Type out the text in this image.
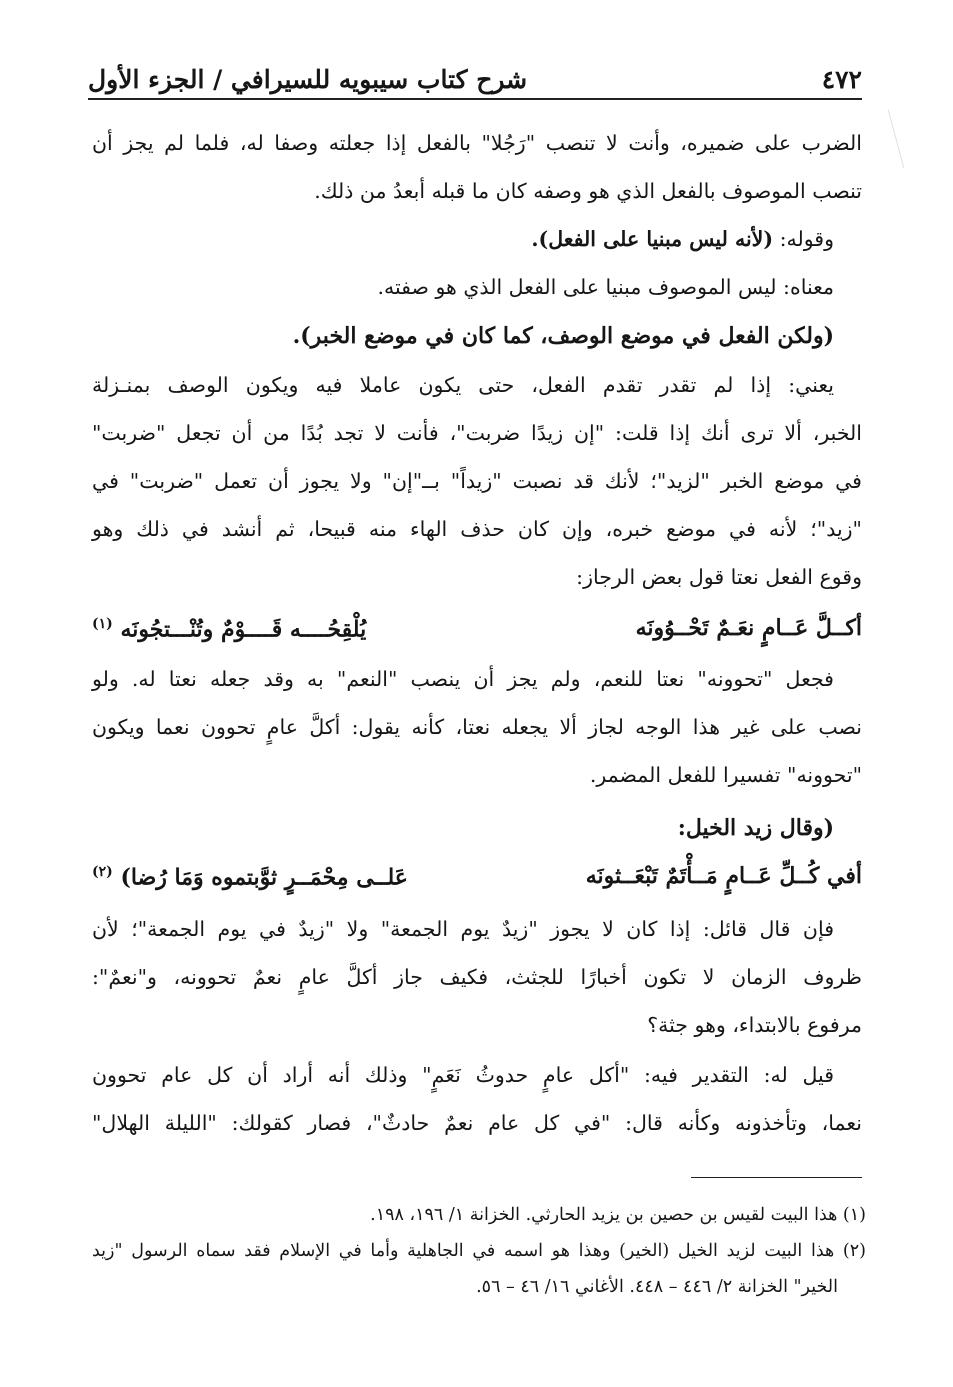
٤٧٢
شرح كتاب سيبويه للسيرافي / الجزء الأول
الضرب على ضميره، وأنت لا تنصب "رَجُلا" بالفعل إذا جعلته وصفا له، فلما لم يجز أن
تنصب الموصوف بالفعل الذي هو وصفه كان ما قبله أبعدُ من ذلك.
وقوله: (لأنه ليس مبنيا على الفعل).
معناه: ليس الموصوف مبنيا على الفعل الذي هو صفته.
(ولكن الفعل في موضع الوصف، كما كان في موضع الخبر).
يعني: إذا لم تقدر تقدم الفعل، حتى يكون عاملا فيه ويكون الوصف بمنـزلة
الخبر، ألا ترى أنك إذا قلت: "إن زيدًا ضربت"، فأنت لا تجد بُدًا من أن تجعل "ضربت"
في موضع الخبر "لزيد"؛ لأنك قد نصبت "زيداً" بــ"إن" ولا يجوز أن تعمل "ضربت" في
"زيد"؛ لأنه في موضع خبره، وإن كان حذف الهاء منه قبيحا، ثم أنشد في ذلك وهو
وقوع الفعل نعتا قول بعض الرجاز:
أكــلَّ عَــامٍ نعَـمٌ تَحْــوُونَه
يُلْقِحُــــه قَــــوْمٌ وتُنْـــتجُونَه $^{(١)}$
فجعل "تحوونه" نعتا للنعم، ولم يجز أن ينصب "النعم" به وقد جعله نعتا له. ولو
نصب على غير هذا الوجه لجاز ألا يجعله نعتا، كأنه يقول: أكلَّ عامٍ تحوون نعما ويكون
"تحوونه" تفسيرا للفعل المضمر.
(وقال زيد الخيل:
أفي كُــلِّ عَــامٍ مَــأْتَمٌ تَبْعَــثونَه
عَلــى مِحْمَــرٍ ثوَّبتموه وَمَا رُضا) $^{(٢)}$
فإن قال قائل: إذا كان لا يجوز "زيدٌ يوم الجمعة" ولا "زيدٌ في يوم الجمعة"؛ لأن
ظروف الزمان لا تكون أخبارًا للجثث، فكيف جاز أكلَّ عامٍ نعمٌ تحوونه، و"نعمٌ":
مرفوع بالابتداء، وهو جثة؟
قيل له: التقدير فيه: "أكل عامٍ حدوثُ نَعَمٍ" وذلك أنه أراد أن كل عام تحوون
نعما، وتأخذونه وكأنه قال: "في كل عام نعمٌ حادثٌ"، فصار كقولك: "الليلة الهلال"
(١) هذا البيت لقيس بن حصين بن يزيد الحارثي. الخزانة ١/ ١٩٦، ١٩٨.
(٢) هذا البيت لزيد الخيل (الخير) وهذا هو اسمه في الجاهلية وأما في الإسلام فقد سماه الرسول "زيد
الخير" الخزانة ٢/ ٤٤٦ – ٤٤٨. الأغاني ١٦/ ٤٦ – ٥٦.
